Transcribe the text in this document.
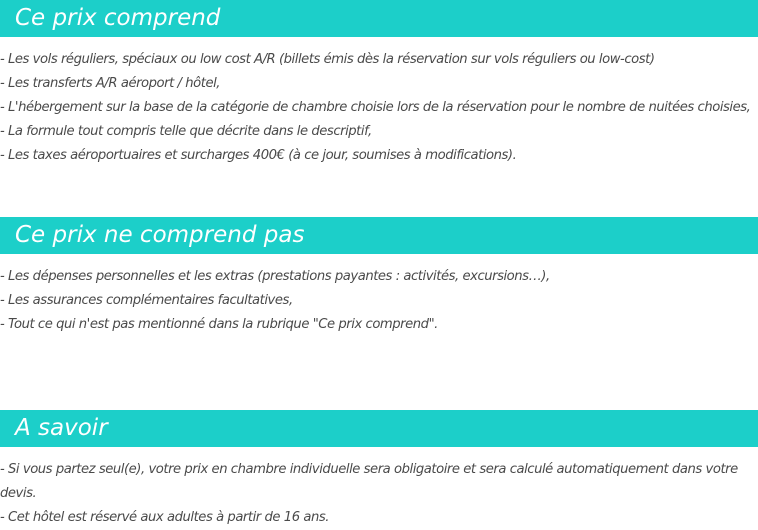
Ce prix comprend
- Les vols réguliers, spéciaux ou low cost A/R (billets émis dès la réservation sur vols réguliers ou low-cost)
- Les transferts A/R aéroport / hôtel,
- L'hébergement sur la base de la catégorie de chambre choisie lors de la réservation pour le nombre de nuitées choisies,
- La formule tout compris telle que décrite dans le descriptif,
- Les taxes aéroportuaires et surcharges 400€ (à ce jour, soumises à modifications).
Ce prix ne comprend pas
- Les dépenses personnelles et les extras (prestations payantes : activités, excursions…),
- Les assurances complémentaires facultatives,
- Tout ce qui n'est pas mentionné dans la rubrique "Ce prix comprend".
A savoir
- Si vous partez seul(e), votre prix en chambre individuelle sera obligatoire et sera calculé automatiquement dans votre
devis.
- Cet hôtel est réservé aux adultes à partir de 16 ans.
